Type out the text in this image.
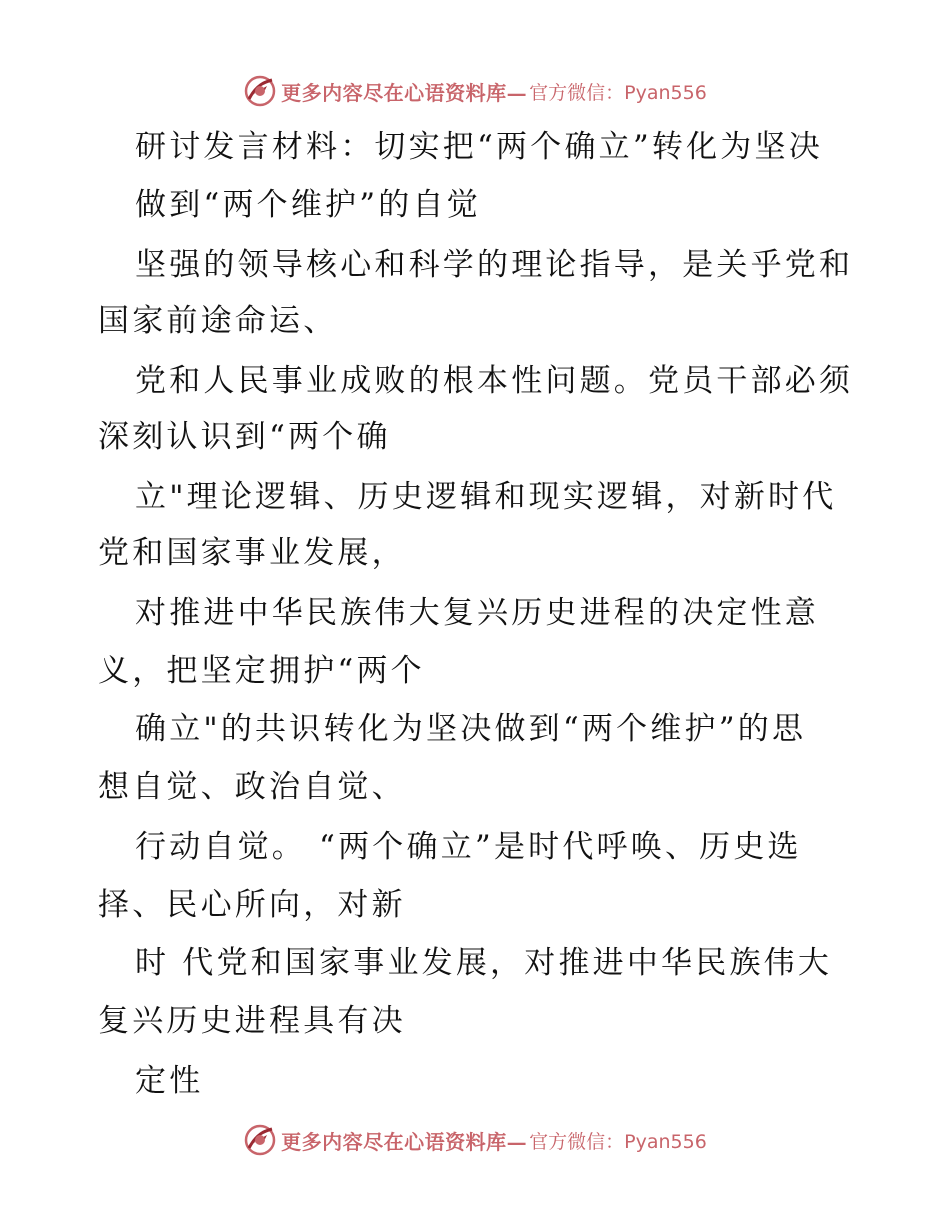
更多内容尽在心语资料库— 官方微信：Pyan556
研讨发言材料：切实把“两个确立”转化为坚决
做到“两个维护”的自觉
坚强的领导核心和科学的理论指导，是关乎党和
国家前途命运、
党和人民事业成败的根本性问题。党员干部必须
深刻认识到“两个确
立"理论逻辑、历史逻辑和现实逻辑，对新时代
党和国家事业发展，
对推进中华民族伟大复兴历史进程的决定性意
义，把坚定拥护“两个
确立"的共识转化为坚决做到“两个维护”的思
想自觉、政治自觉、
行动自觉。 “两个确立”是时代呼唤、历史选
择、民心所向，对新
时 代党和国家事业发展，对推进中华民族伟大
复兴历史进程具有决
定性
更多内容尽在心语资料库— 官方微信：Pyan556
